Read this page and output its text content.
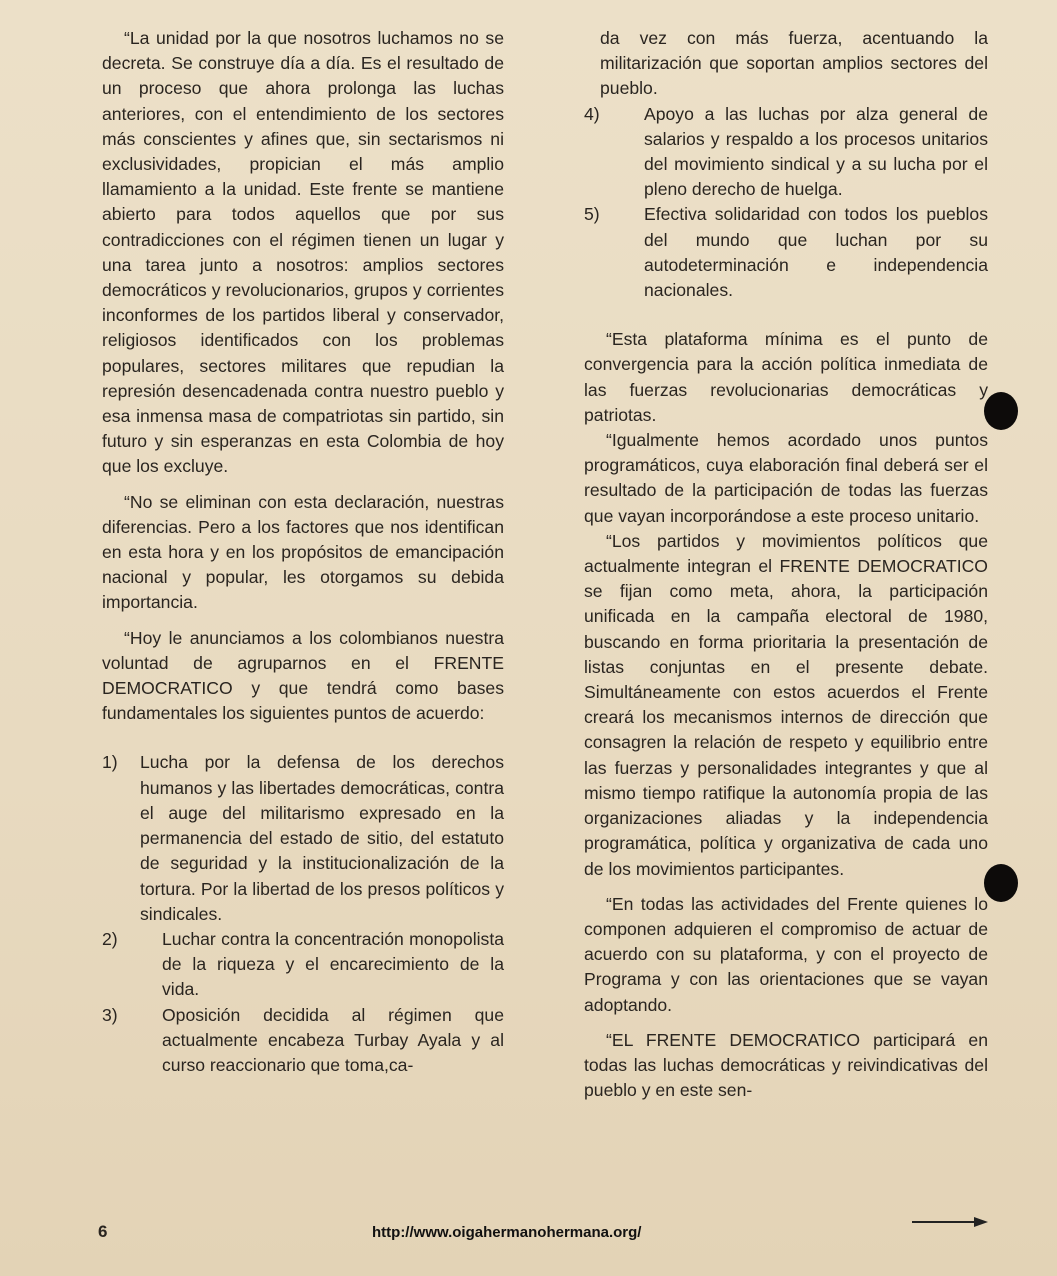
“La unidad por la que nosotros luchamos no se decreta. Se construye día a día. Es el resultado de un proceso que ahora prolonga las luchas anteriores, con el entendimiento de los sectores más conscientes y afines que, sin sectarismos ni exclusividades, propician el más amplio llamamiento a la unidad. Este frente se mantiene abierto para todos aquellos que por sus contradicciones con el régimen tienen un lugar y una tarea junto a nosotros: amplios sectores democráticos y revolucionarios, grupos y corrientes inconformes de los partidos liberal y conservador, religiosos identificados con los problemas populares, sectores militares que repudian la represión desencadenada contra nuestro pueblo y esa inmensa masa de compatriotas sin partido, sin futuro y sin esperanzas en esta Colombia de hoy que los excluye.

“No se eliminan con esta declaración, nuestras diferencias. Pero a los factores que nos identifican en esta hora y en los propósitos de emancipación nacional y popular, les otorgamos su debida importancia.

“Hoy le anunciamos a los colombianos nuestra voluntad de agruparnos en el FRENTE DEMOCRATICO y que tendrá como bases fundamentales los siguientes puntos de acuerdo:

1)	Lucha por la defensa de los derechos humanos y las libertades democráticas, contra el auge del militarismo expresado en la permanencia del estado de sitio, del estatuto de seguridad y la institucionalización de la tortura. Por la libertad de los presos políticos y sindicales.
2)	Luchar contra la concentración monopolista de la riqueza y el encarecimiento de la vida.
3)	Oposición decidida al régimen que actualmente encabeza Turbay Ayala y al curso reaccionario que toma,ca-

da vez con más fuerza, acentuando la militarización que soportan amplios sectores del pueblo.

4)	Apoyo a las luchas por alza general de salarios y respaldo a los procesos unitarios del movimiento sindical y a su lucha por el pleno derecho de huelga.
5)	Efectiva solidaridad con todos los pueblos del mundo que luchan por su autodeterminación e independencia nacionales.

“Esta plataforma mínima es el punto de convergencia para la acción política inmediata de las fuerzas revolucionarias democráticas y patriotas.

“Igualmente hemos acordado unos puntos programáticos, cuya elaboración final deberá ser el resultado de la participación de todas las fuerzas que vayan incorporándose a este proceso unitario.

“Los partidos y movimientos políticos que actualmente integran el FRENTE DEMOCRATICO se fijan como meta, ahora, la participación unificada en la campaña electoral de 1980, buscando en forma prioritaria la presentación de listas conjuntas en el presente debate. Simultáneamente con estos acuerdos el Frente creará los mecanismos internos de dirección que consagren la relación de respeto y equilibrio entre las fuerzas y personalidades integrantes y que al mismo tiempo ratifique la autonomía propia de las organizaciones aliadas y la independencia programática, política y organizativa de cada uno de los movimientos participantes.

“En todas las actividades del Frente quienes lo componen adquieren el compromiso de actuar de acuerdo con su plataforma, y con el proyecto de Programa y con las orientaciones que se vayan adoptando.

“EL FRENTE DEMOCRATICO participará en todas las luchas democráticas y reivindicativas del pueblo y en este sen-

6	http://www.oigahermanohermana.org/
